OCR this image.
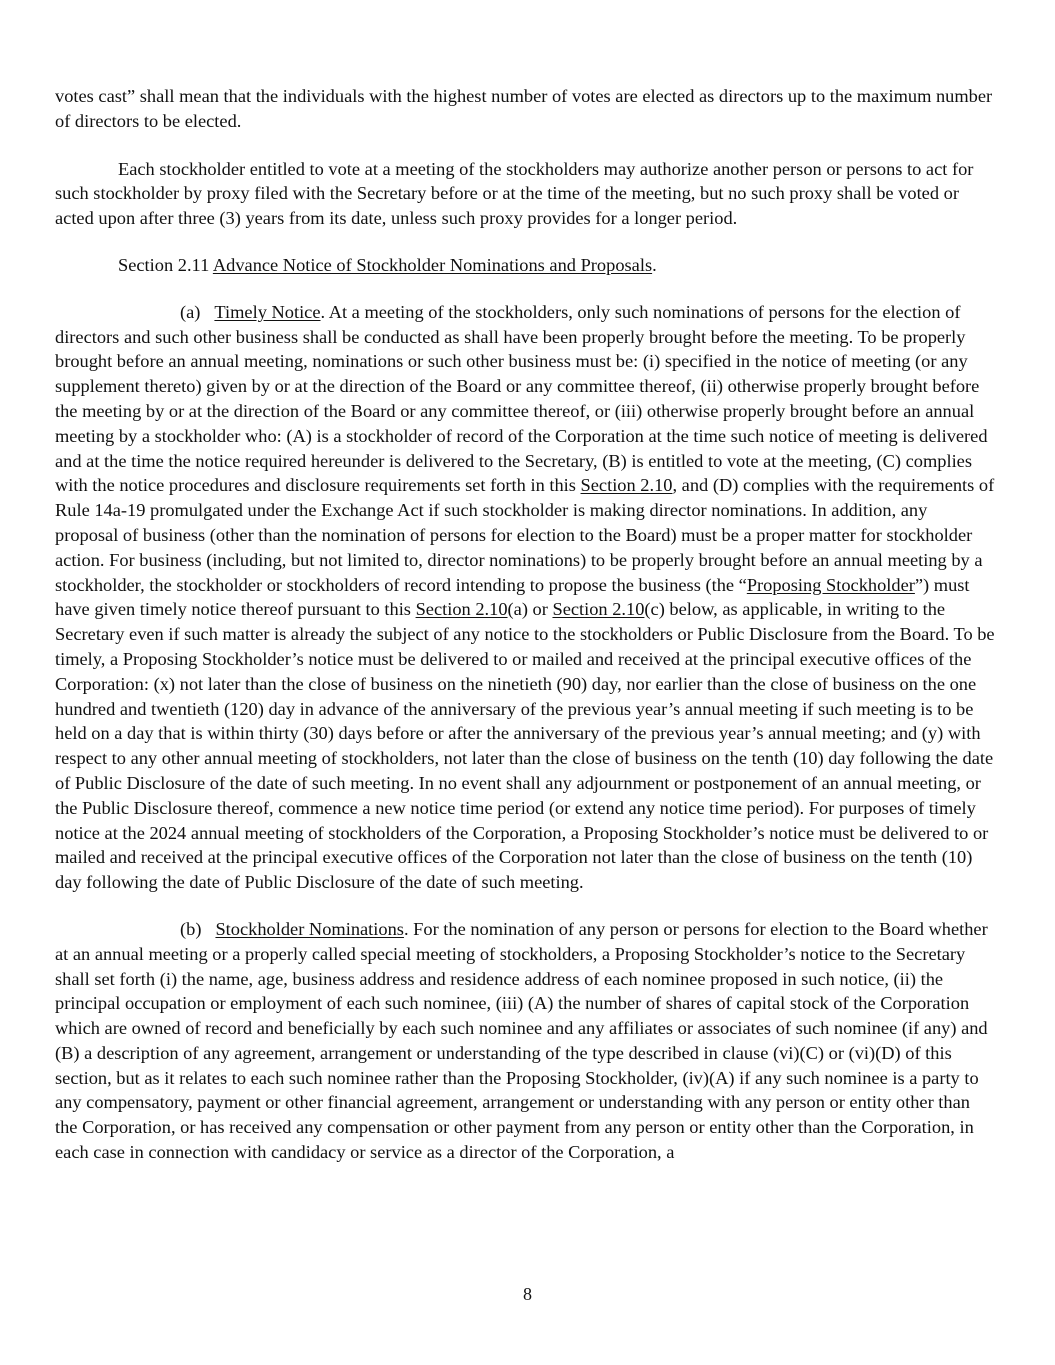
votes cast” shall mean that the individuals with the highest number of votes are elected as directors up to the maximum number of directors to be elected.

Each stockholder entitled to vote at a meeting of the stockholders may authorize another person or persons to act for such stockholder by proxy filed with the Secretary before or at the time of the meeting, but no such proxy shall be voted or acted upon after three (3) years from its date, unless such proxy provides for a longer period.

Section 2.11 Advance Notice of Stockholder Nominations and Proposals.

(a) Timely Notice. At a meeting of the stockholders, only such nominations of persons for the election of directors and such other business shall be conducted as shall have been properly brought before the meeting. To be properly brought before an annual meeting, nominations or such other business must be: (i) specified in the notice of meeting (or any supplement thereto) given by or at the direction of the Board or any committee thereof, (ii) otherwise properly brought before the meeting by or at the direction of the Board or any committee thereof, or (iii) otherwise properly brought before an annual meeting by a stockholder who: (A) is a stockholder of record of the Corporation at the time such notice of meeting is delivered and at the time the notice required hereunder is delivered to the Secretary, (B) is entitled to vote at the meeting, (C) complies with the notice procedures and disclosure requirements set forth in this Section 2.10, and (D) complies with the requirements of Rule 14a-19 promulgated under the Exchange Act if such stockholder is making director nominations. In addition, any proposal of business (other than the nomination of persons for election to the Board) must be a proper matter for stockholder action. For business (including, but not limited to, director nominations) to be properly brought before an annual meeting by a stockholder, the stockholder or stockholders of record intending to propose the business (the “Proposing Stockholder”) must have given timely notice thereof pursuant to this Section 2.10(a) or Section 2.10(c) below, as applicable, in writing to the Secretary even if such matter is already the subject of any notice to the stockholders or Public Disclosure from the Board. To be timely, a Proposing Stockholder’s notice must be delivered to or mailed and received at the principal executive offices of the Corporation: (x) not later than the close of business on the ninetieth (90) day, nor earlier than the close of business on the one hundred and twentieth (120) day in advance of the anniversary of the previous year’s annual meeting if such meeting is to be held on a day that is within thirty (30) days before or after the anniversary of the previous year’s annual meeting; and (y) with respect to any other annual meeting of stockholders, not later than the close of business on the tenth (10) day following the date of Public Disclosure of the date of such meeting. In no event shall any adjournment or postponement of an annual meeting, or the Public Disclosure thereof, commence a new notice time period (or extend any notice time period). For purposes of timely notice at the 2024 annual meeting of stockholders of the Corporation, a Proposing Stockholder’s notice must be delivered to or mailed and received at the principal executive offices of the Corporation not later than the close of business on the tenth (10) day following the date of Public Disclosure of the date of such meeting.

(b) Stockholder Nominations. For the nomination of any person or persons for election to the Board whether at an annual meeting or a properly called special meeting of stockholders, a Proposing Stockholder’s notice to the Secretary shall set forth (i) the name, age, business address and residence address of each nominee proposed in such notice, (ii) the principal occupation or employment of each such nominee, (iii) (A) the number of shares of capital stock of the Corporation which are owned of record and beneficially by each such nominee and any affiliates or associates of such nominee (if any) and (B) a description of any agreement, arrangement or understanding of the type described in clause (vi)(C) or (vi)(D) of this section, but as it relates to each such nominee rather than the Proposing Stockholder, (iv)(A) if any such nominee is a party to any compensatory, payment or other financial agreement, arrangement or understanding with any person or entity other than the Corporation, or has received any compensation or other payment from any person or entity other than the Corporation, in each case in connection with candidacy or service as a director of the Corporation, a

8
